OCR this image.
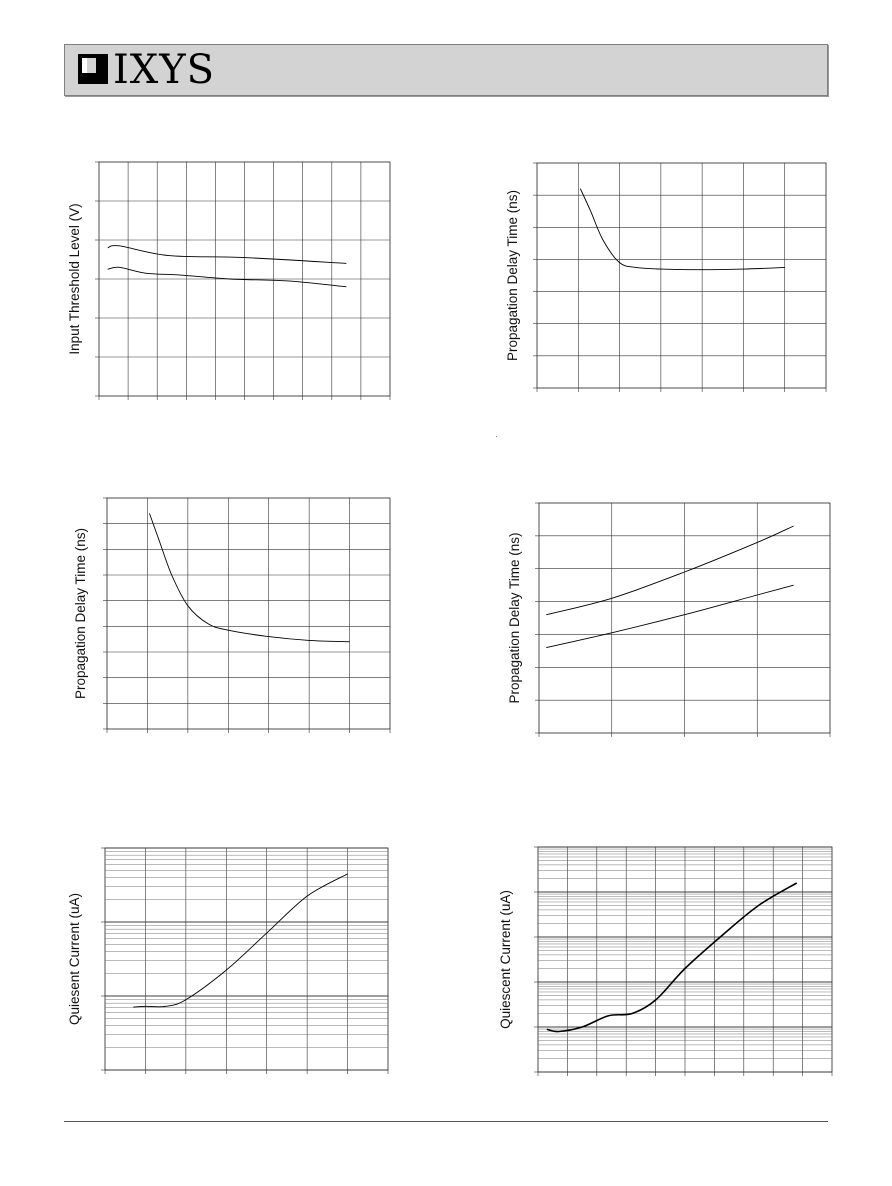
IXYS
Input Threshold Level (V)	Propagation Delay Time (ns)
Propagation Delay Time (ns)	Propagation Delay Time (ns)
Quiesent Current (uA)	Quiescent Current (uA)
